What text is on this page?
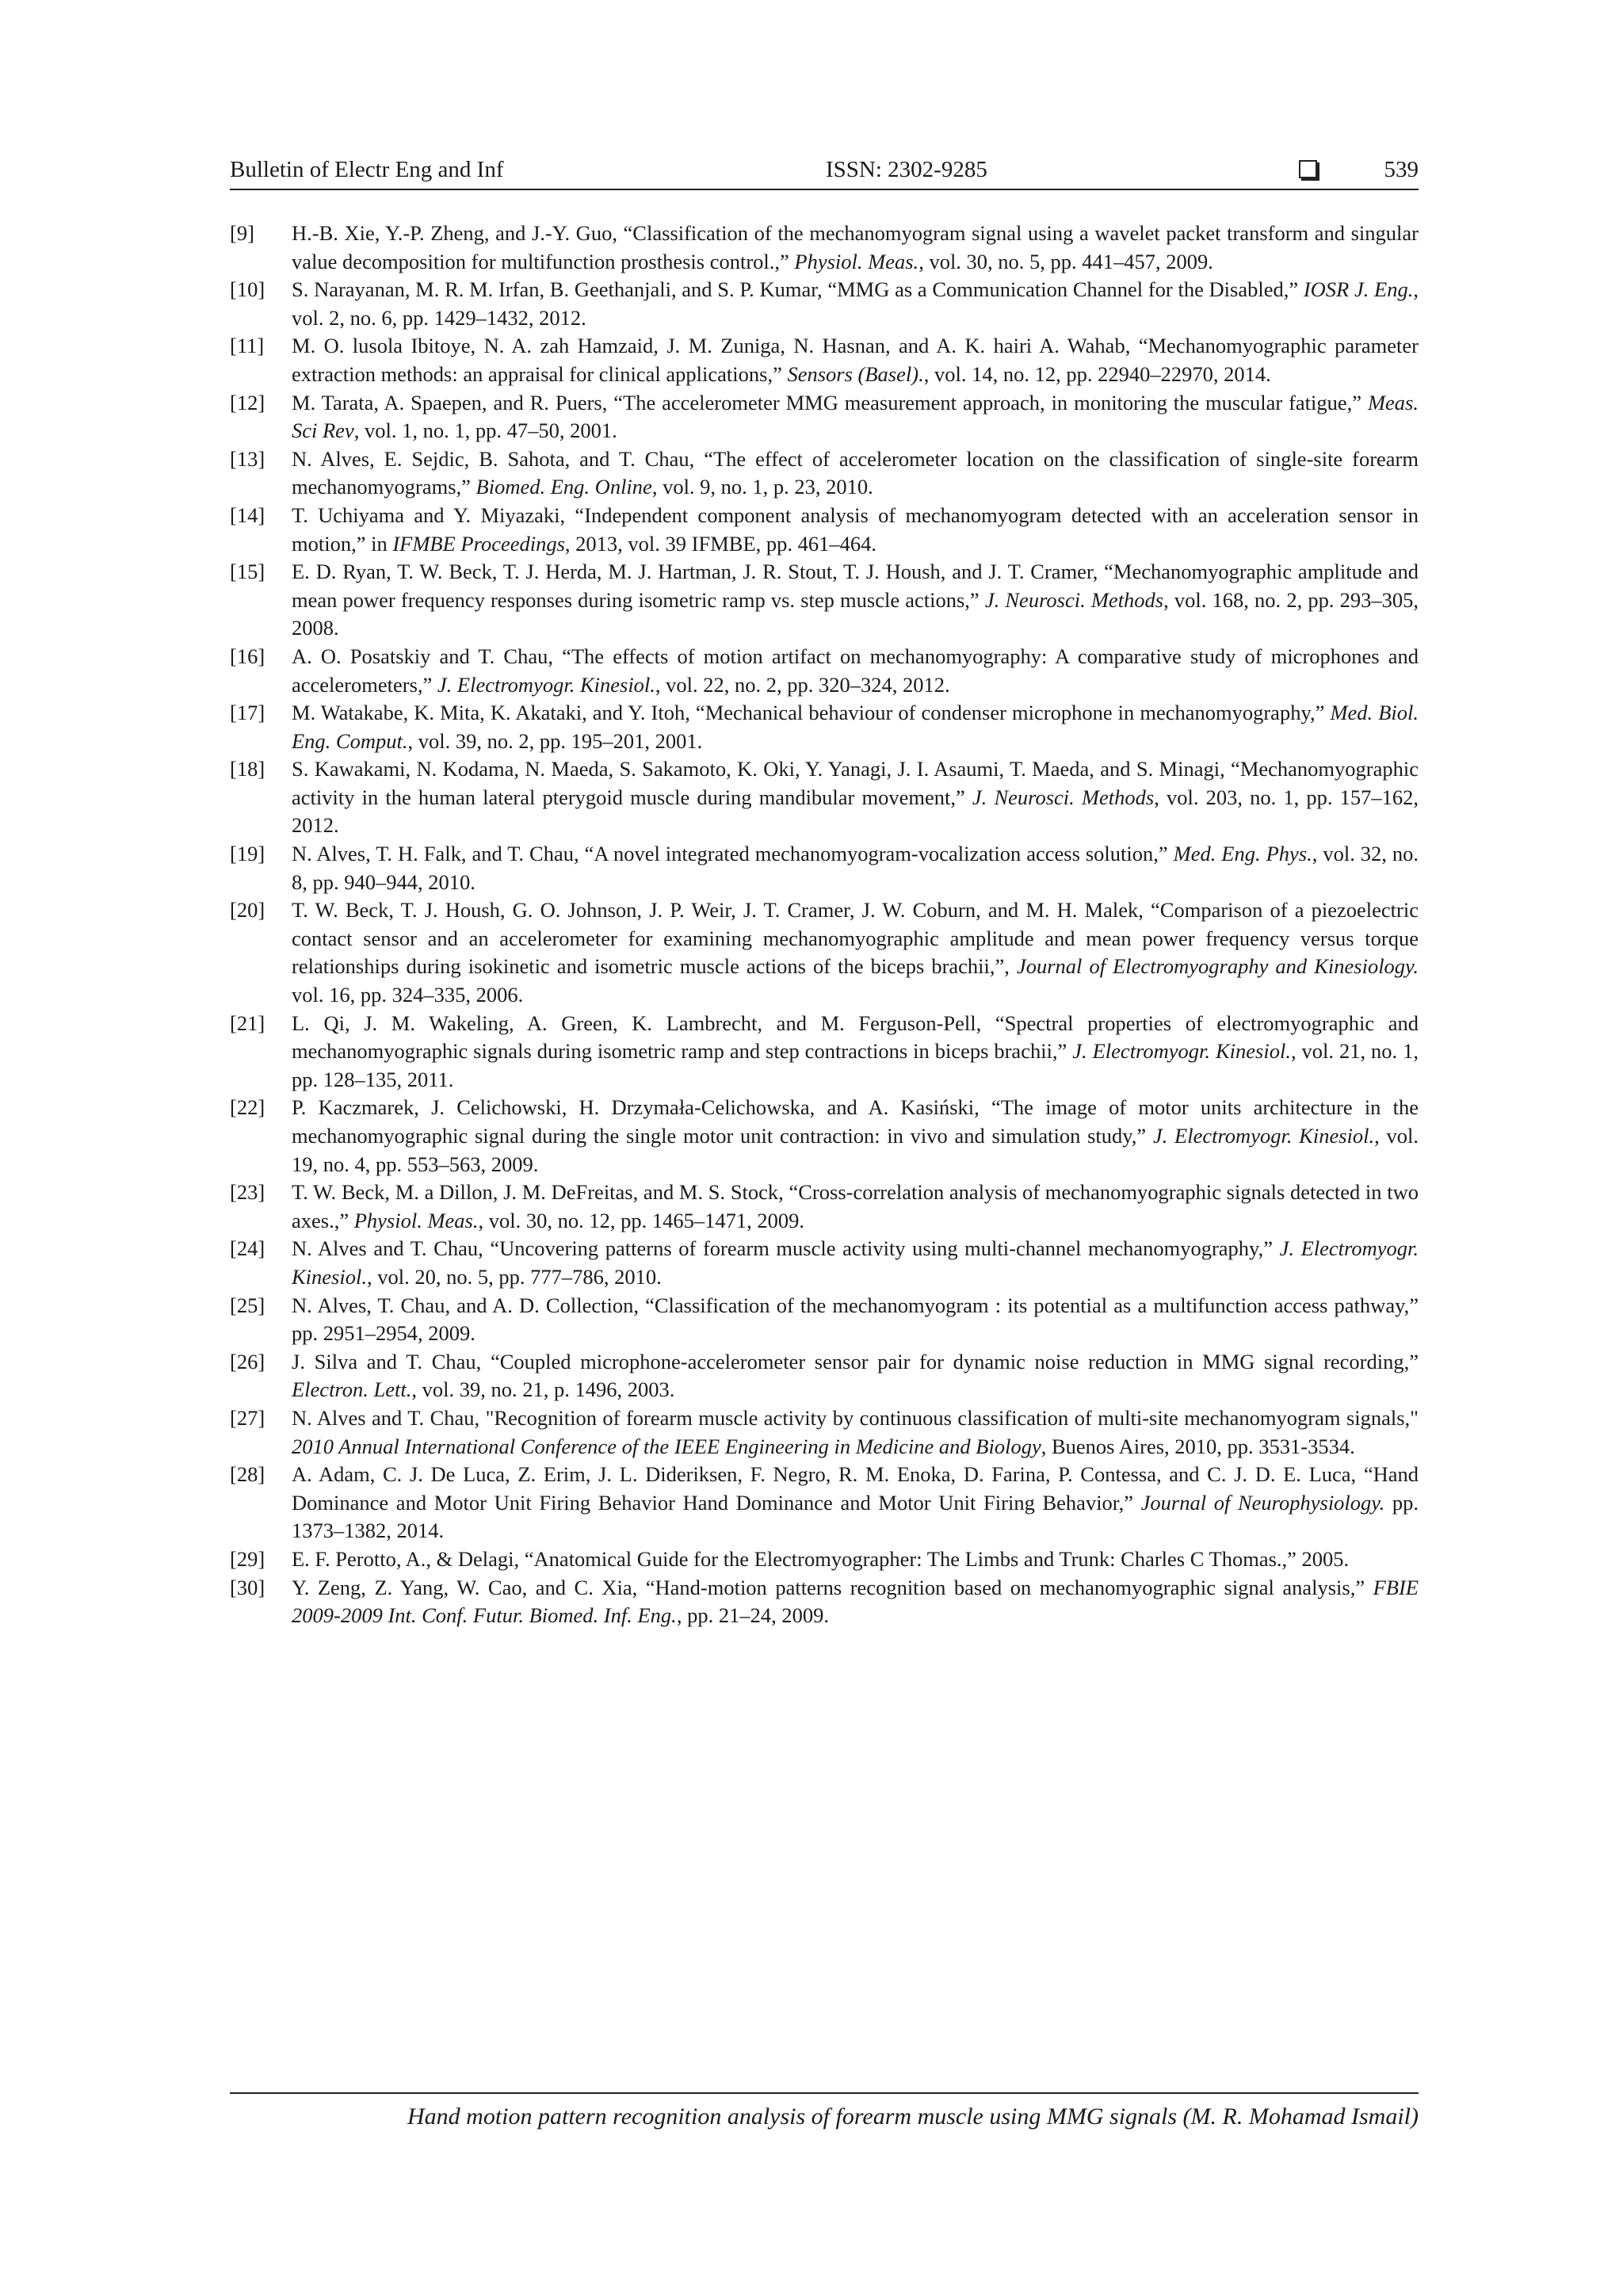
Bulletin of Electr Eng and Inf	ISSN: 2302-9285	539
[9]	H.-B. Xie, Y.-P. Zheng, and J.-Y. Guo, “Classification of the mechanomyogram signal using a wavelet packet transform and singular value decomposition for multifunction prosthesis control.,” Physiol. Meas., vol. 30, no. 5, pp. 441–457, 2009.
[10]	S. Narayanan, M. R. M. Irfan, B. Geethanjali, and S. P. Kumar, “MMG as a Communication Channel for the Disabled,” IOSR J. Eng., vol. 2, no. 6, pp. 1429–1432, 2012.
[11]	M. O. lusola Ibitoye, N. A. zah Hamzaid, J. M. Zuniga, N. Hasnan, and A. K. hairi A. Wahab, “Mechanomyographic parameter extraction methods: an appraisal for clinical applications,” Sensors (Basel)., vol. 14, no. 12, pp. 22940–22970, 2014.
[12]	M. Tarata, A. Spaepen, and R. Puers, “The accelerometer MMG measurement approach, in monitoring the muscular fatigue,” Meas. Sci Rev, vol. 1, no. 1, pp. 47–50, 2001.
[13]	N. Alves, E. Sejdic, B. Sahota, and T. Chau, “The effect of accelerometer location on the classification of single-site forearm mechanomyograms,” Biomed. Eng. Online, vol. 9, no. 1, p. 23, 2010.
[14]	T. Uchiyama and Y. Miyazaki, “Independent component analysis of mechanomyogram detected with an acceleration sensor in motion,” in IFMBE Proceedings, 2013, vol. 39 IFMBE, pp. 461–464.
[15]	E. D. Ryan, T. W. Beck, T. J. Herda, M. J. Hartman, J. R. Stout, T. J. Housh, and J. T. Cramer, “Mechanomyographic amplitude and mean power frequency responses during isometric ramp vs. step muscle actions,” J. Neurosci. Methods, vol. 168, no. 2, pp. 293–305, 2008.
[16]	A. O. Posatskiy and T. Chau, “The effects of motion artifact on mechanomyography: A comparative study of microphones and accelerometers,” J. Electromyogr. Kinesiol., vol. 22, no. 2, pp. 320–324, 2012.
[17]	M. Watakabe, K. Mita, K. Akataki, and Y. Itoh, “Mechanical behaviour of condenser microphone in mechanomyography,” Med. Biol. Eng. Comput., vol. 39, no. 2, pp. 195–201, 2001.
[18]	S. Kawakami, N. Kodama, N. Maeda, S. Sakamoto, K. Oki, Y. Yanagi, J. I. Asaumi, T. Maeda, and S. Minagi, “Mechanomyographic activity in the human lateral pterygoid muscle during mandibular movement,” J. Neurosci. Methods, vol. 203, no. 1, pp. 157–162, 2012.
[19]	N. Alves, T. H. Falk, and T. Chau, “A novel integrated mechanomyogram-vocalization access solution,” Med. Eng. Phys., vol. 32, no. 8, pp. 940–944, 2010.
[20]	T. W. Beck, T. J. Housh, G. O. Johnson, J. P. Weir, J. T. Cramer, J. W. Coburn, and M. H. Malek, “Comparison of a piezoelectric contact sensor and an accelerometer for examining mechanomyographic amplitude and mean power frequency versus torque relationships during isokinetic and isometric muscle actions of the biceps brachii,”, Journal of Electromyography and Kinesiology. vol. 16, pp. 324–335, 2006.
[21]	L. Qi, J. M. Wakeling, A. Green, K. Lambrecht, and M. Ferguson-Pell, “Spectral properties of electromyographic and mechanomyographic signals during isometric ramp and step contractions in biceps brachii,” J. Electromyogr. Kinesiol., vol. 21, no. 1, pp. 128–135, 2011.
[22]	P. Kaczmarek, J. Celichowski, H. Drzymała-Celichowska, and A. Kasiński, “The image of motor units architecture in the mechanomyographic signal during the single motor unit contraction: in vivo and simulation study,” J. Electromyogr. Kinesiol., vol. 19, no. 4, pp. 553–563, 2009.
[23]	T. W. Beck, M. a Dillon, J. M. DeFreitas, and M. S. Stock, “Cross-correlation analysis of mechanomyographic signals detected in two axes.,” Physiol. Meas., vol. 30, no. 12, pp. 1465–1471, 2009.
[24]	N. Alves and T. Chau, “Uncovering patterns of forearm muscle activity using multi-channel mechanomyography,” J. Electromyogr. Kinesiol., vol. 20, no. 5, pp. 777–786, 2010.
[25]	N. Alves, T. Chau, and A. D. Collection, “Classification of the mechanomyogram : its potential as a multifunction access pathway,” pp. 2951–2954, 2009.
[26]	J. Silva and T. Chau, “Coupled microphone-accelerometer sensor pair for dynamic noise reduction in MMG signal recording,” Electron. Lett., vol. 39, no. 21, p. 1496, 2003.
[27]	N. Alves and T. Chau, "Recognition of forearm muscle activity by continuous classification of multi-site mechanomyogram signals," 2010 Annual International Conference of the IEEE Engineering in Medicine and Biology, Buenos Aires, 2010, pp. 3531-3534.
[28]	A. Adam, C. J. De Luca, Z. Erim, J. L. Dideriksen, F. Negro, R. M. Enoka, D. Farina, P. Contessa, and C. J. D. E. Luca, “Hand Dominance and Motor Unit Firing Behavior Hand Dominance and Motor Unit Firing Behavior,” Journal of Neurophysiology. pp. 1373–1382, 2014.
[29]	E. F. Perotto, A., & Delagi, “Anatomical Guide for the Electromyographer: The Limbs and Trunk: Charles C Thomas.,” 2005.
[30]	Y. Zeng, Z. Yang, W. Cao, and C. Xia, “Hand-motion patterns recognition based on mechanomyographic signal analysis,” FBIE 2009-2009 Int. Conf. Futur. Biomed. Inf. Eng., pp. 21–24, 2009.
Hand motion pattern recognition analysis of forearm muscle using MMG signals (M. R. Mohamad Ismail)
